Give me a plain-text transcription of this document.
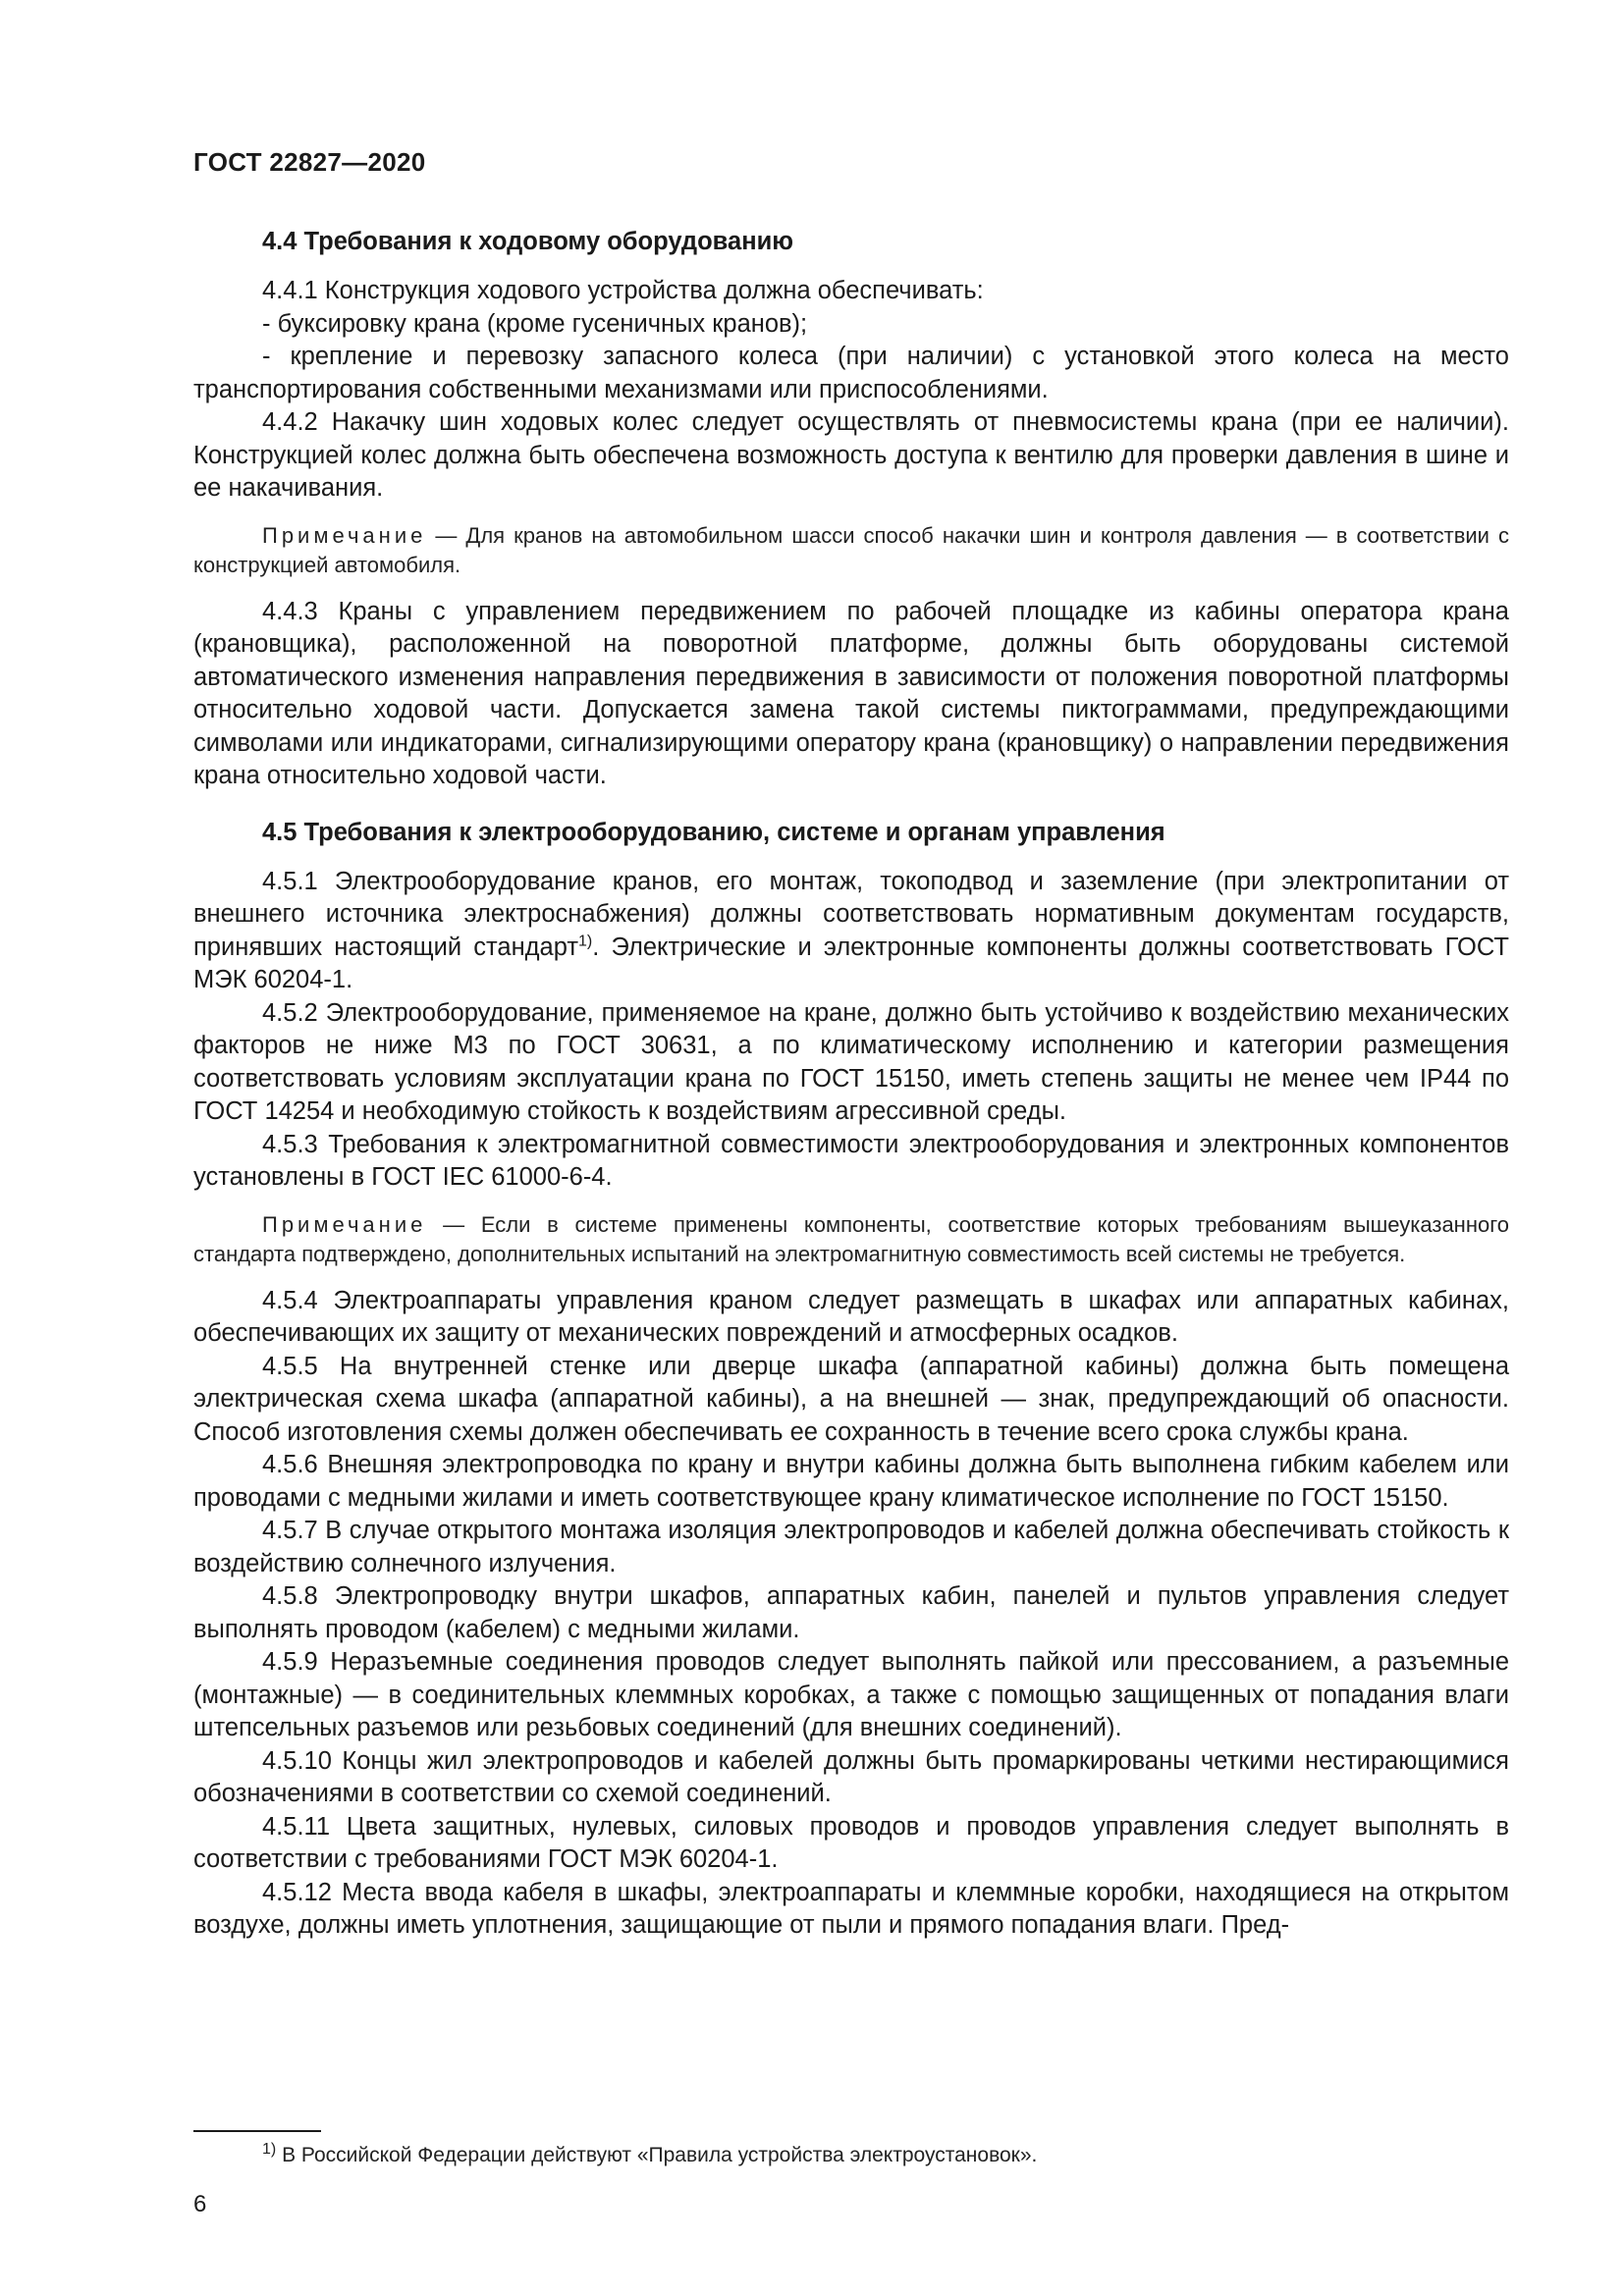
ГОСТ 22827—2020
4.4 Требования к ходовому оборудованию

4.4.1 Конструкция ходового устройства должна обеспечивать:

- буксировку крана (кроме гусеничных кранов);

- крепление и перевозку запасного колеса (при наличии) с установкой этого колеса на место транспортирования собственными механизмами или приспособлениями.

4.4.2 Накачку шин ходовых колес следует осуществлять от пневмосистемы крана (при ее наличии). Конструкцией колес должна быть обеспечена возможность доступа к вентилю для проверки давления в шине и ее накачивания.

Примечание — Для кранов на автомобильном шасси способ накачки шин и контроля давления — в соответствии с конструкцией автомобиля.

4.4.3 Краны с управлением передвижением по рабочей площадке из кабины оператора крана (крановщика), расположенной на поворотной платформе, должны быть оборудованы системой автоматического изменения направления передвижения в зависимости от положения поворотной платформы относительно ходовой части. Допускается замена такой системы пиктограммами, предупреждающими символами или индикаторами, сигнализирующими оператору крана (крановщику) о направлении передвижения крана относительно ходовой части.

4.5 Требования к электрооборудованию, системе и органам управления

4.5.1 Электрооборудование кранов, его монтаж, токоподвод и заземление (при электропитании от внешнего источника электроснабжения) должны соответствовать нормативным документам государств, принявших настоящий стандарт$^{1)}$. Электрические и электронные компоненты должны соответствовать ГОСТ МЭК 60204-1.

4.5.2 Электрооборудование, применяемое на кране, должно быть устойчиво к воздействию механических факторов не ниже М3 по ГОСТ 30631, а по климатическому исполнению и категории размещения соответствовать условиям эксплуатации крана по ГОСТ 15150, иметь степень защиты не менее чем IP44 по ГОСТ 14254 и необходимую стойкость к воздействиям агрессивной среды.

4.5.3 Требования к электромагнитной совместимости электрооборудования и электронных компонентов установлены в ГОСТ IEC 61000-6-4.

Примечание — Если в системе применены компоненты, соответствие которых требованиям вышеуказанного стандарта подтверждено, дополнительных испытаний на электромагнитную совместимость всей системы не требуется.

4.5.4 Электроаппараты управления краном следует размещать в шкафах или аппаратных кабинах, обеспечивающих их защиту от механических повреждений и атмосферных осадков.

4.5.5 На внутренней стенке или дверце шкафа (аппаратной кабины) должна быть помещена электрическая схема шкафа (аппаратной кабины), а на внешней — знак, предупреждающий об опасности. Способ изготовления схемы должен обеспечивать ее сохранность в течение всего срока службы крана.

4.5.6 Внешняя электропроводка по крану и внутри кабины должна быть выполнена гибким кабелем или проводами с медными жилами и иметь соответствующее крану климатическое исполнение по ГОСТ 15150.

4.5.7 В случае открытого монтажа изоляция электропроводов и кабелей должна обеспечивать стойкость к воздействию солнечного излучения.

4.5.8 Электропроводку внутри шкафов, аппаратных кабин, панелей и пультов управления следует выполнять проводом (кабелем) с медными жилами.

4.5.9 Неразъемные соединения проводов следует выполнять пайкой или прессованием, а разъемные (монтажные) — в соединительных клеммных коробках, а также с помощью защищенных от попадания влаги штепсельных разъемов или резьбовых соединений (для внешних соединений).

4.5.10 Концы жил электропроводов и кабелей должны быть промаркированы четкими нестирающимися обозначениями в соответствии со схемой соединений.

4.5.11 Цвета защитных, нулевых, силовых проводов и проводов управления следует выполнять в соответствии с требованиями ГОСТ МЭК 60204-1.

4.5.12 Места ввода кабеля в шкафы, электроаппараты и клеммные коробки, находящиеся на открытом воздухе, должны иметь уплотнения, защищающие от пыли и прямого попадания влаги. Пред-

$^{1)}$ В Российской Федерации действуют «Правила устройства электроустановок».
6
